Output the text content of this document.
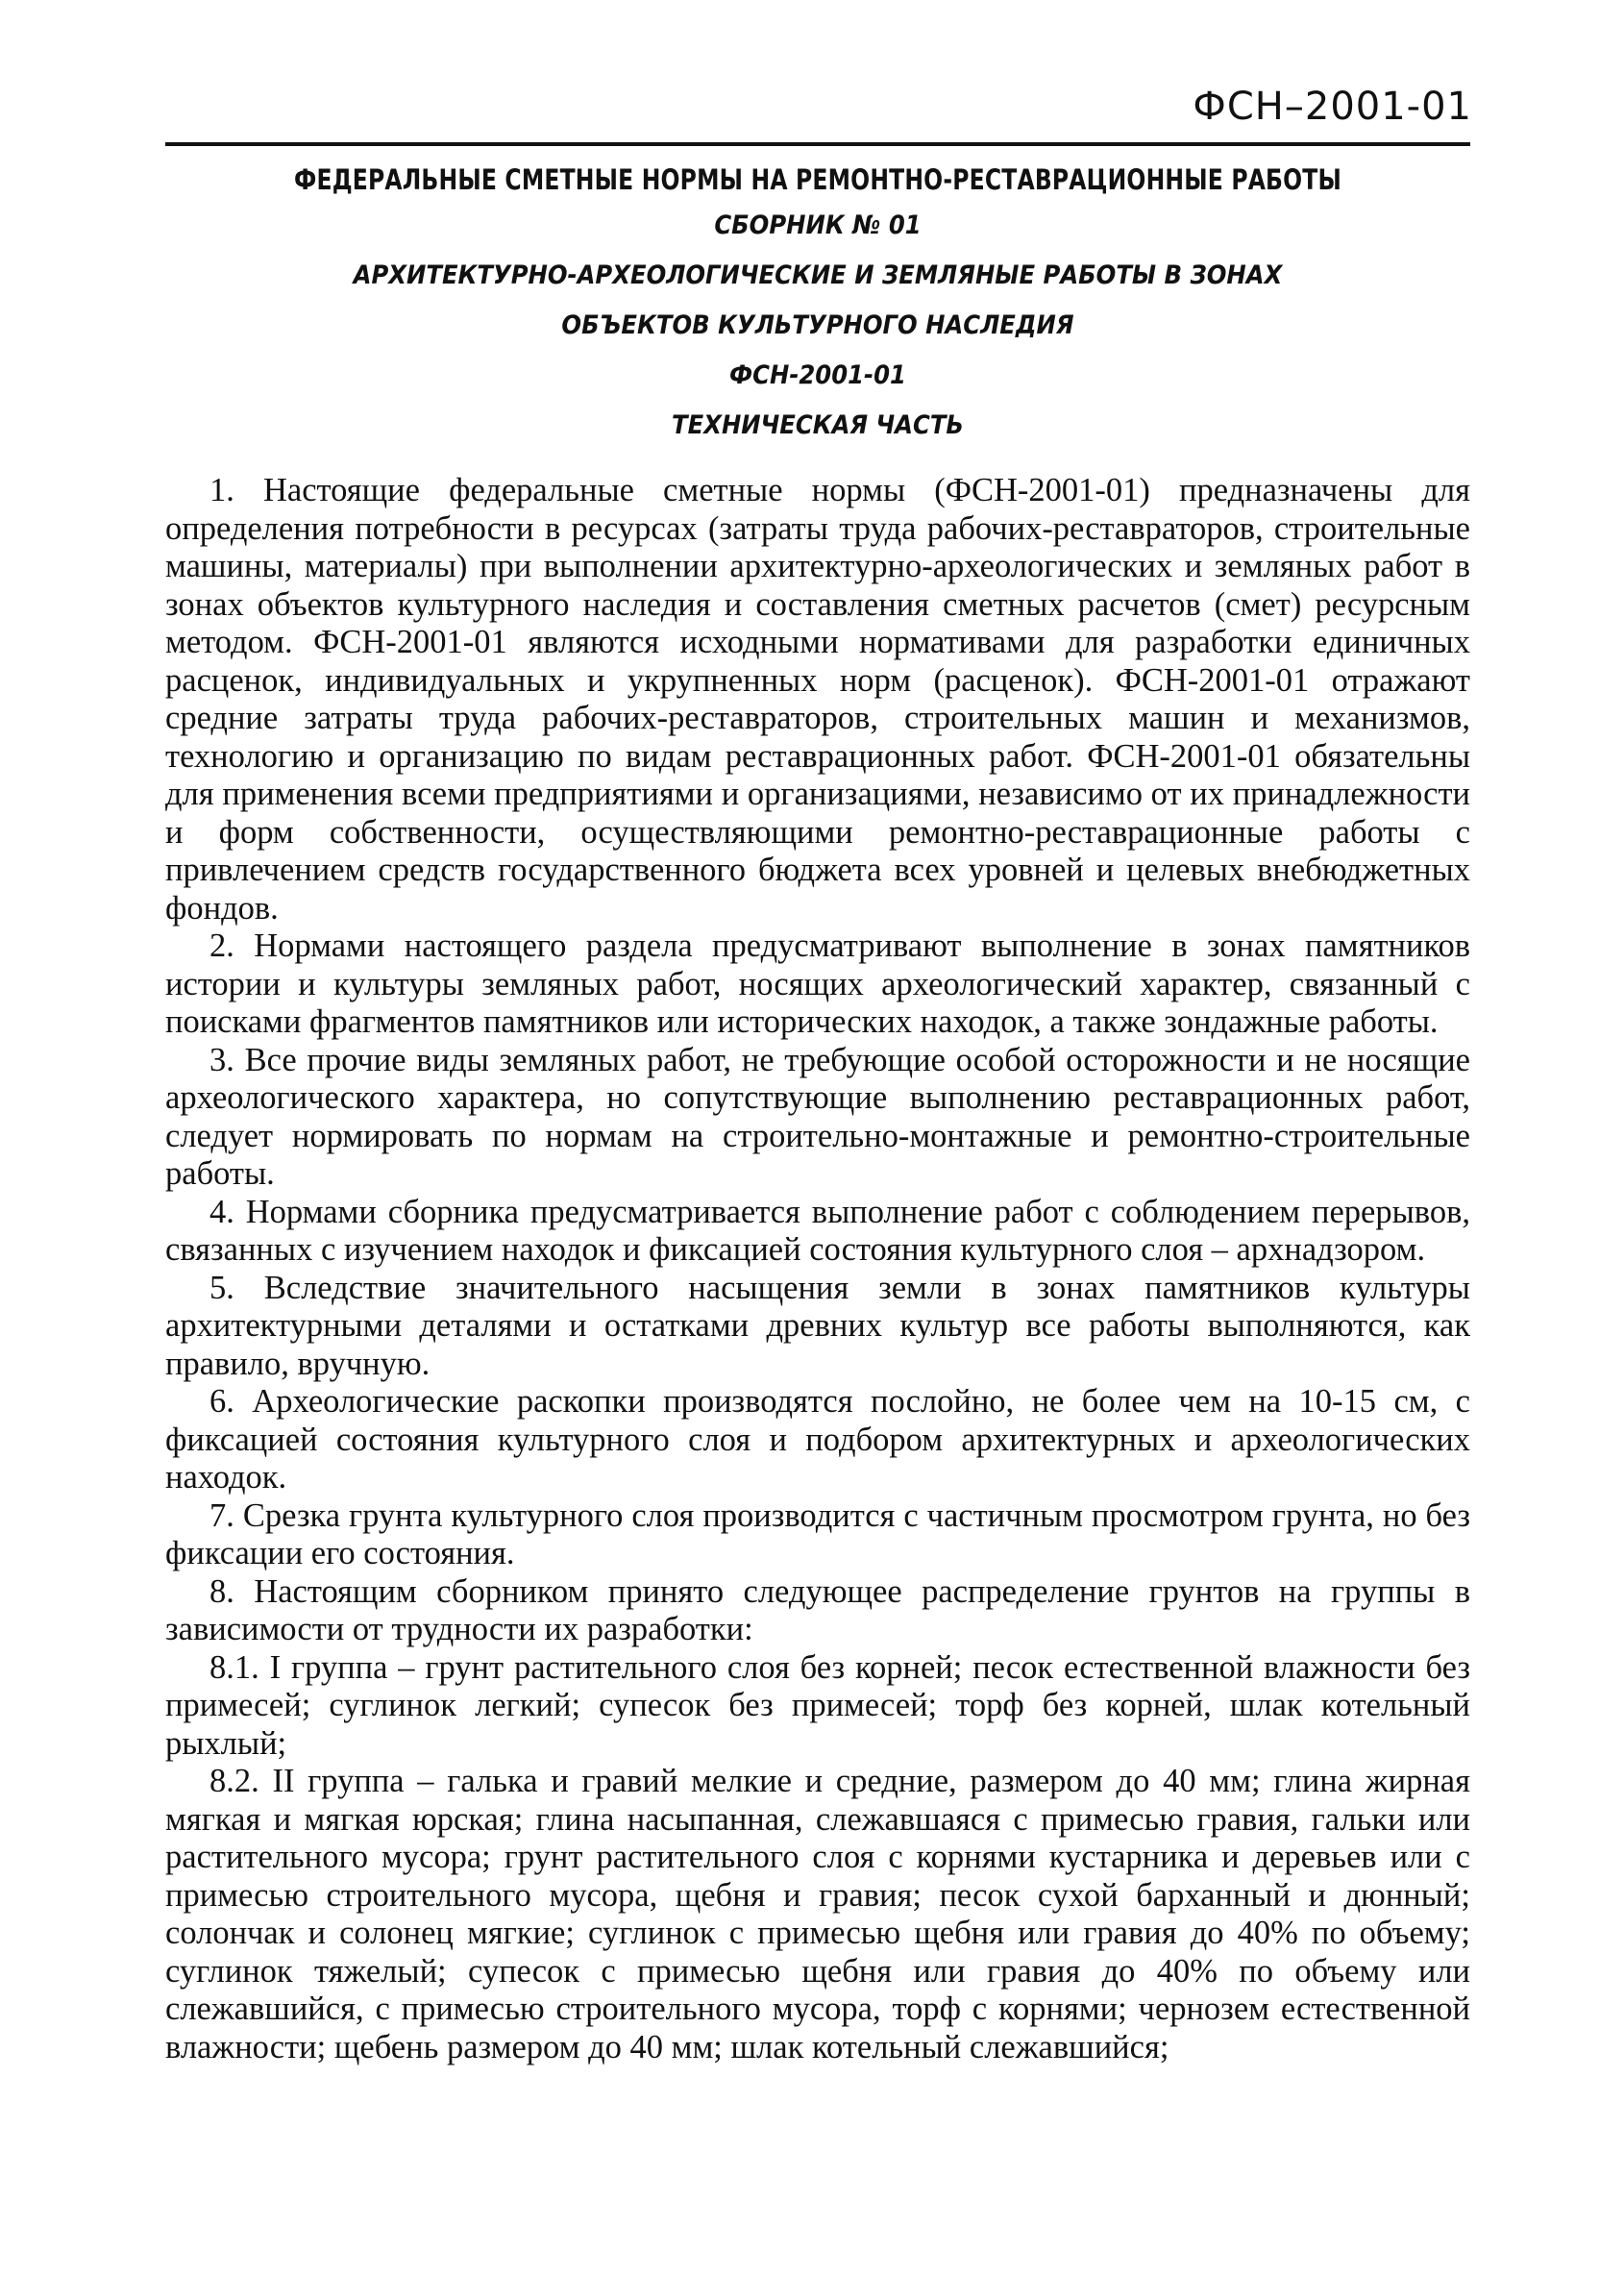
ФСН–2001-01
ФЕДЕРАЛЬНЫЕ СМЕТНЫЕ НОРМЫ НА РЕМОНТНО-РЕСТАВРАЦИОННЫЕ РАБОТЫ
СБОРНИК № 01
АРХИТЕКТУРНО-АРХЕОЛОГИЧЕСКИЕ И ЗЕМЛЯНЫЕ РАБОТЫ В ЗОНАХ
ОБЪЕКТОВ КУЛЬТУРНОГО НАСЛЕДИЯ
ФСН-2001-01
ТЕХНИЧЕСКАЯ ЧАСТЬ

1. Настоящие федеральные сметные нормы (ФСН-2001-01) предназначены для определения потребности в ресурсах (затраты труда рабочих-реставраторов, строительные машины, материалы) при выполнении архитектурно-археологических и земляных работ в зонах объектов культурного наследия и составления сметных расчетов (смет) ресурсным методом. ФСН-2001-01 являются исходными нормативами для разработки единичных расценок, индивидуальных и укрупненных норм (расценок). ФСН-2001-01 отражают средние затраты труда рабочих-реставраторов, строительных машин и механизмов, технологию и организацию по видам реставрационных работ. ФСН-2001-01 обязательны для применения всеми предприятиями и организациями, независимо от их принадлежности и форм собственности, осуществляющими ремонтно-реставрационные работы с привлечением средств государственного бюджета всех уровней и целевых внебюджетных фондов.

2. Нормами настоящего раздела предусматривают выполнение в зонах памятников истории и культуры земляных работ, носящих археологический характер, связанный с поисками фрагментов памятников или исторических находок, а также зондажные работы.

3. Все прочие виды земляных работ, не требующие особой осторожности и не носящие археологического характера, но сопутствующие выполнению реставрационных работ, следует нормировать по нормам на строительно-монтажные и ремонтно-строительные работы.

4. Нормами сборника предусматривается выполнение работ с соблюдением перерывов, связанных с изучением находок и фиксацией состояния культурного слоя – архнадзором.

5. Вследствие значительного насыщения земли в зонах памятников культуры архитектурными деталями и остатками древних культур все работы выполняются, как правило, вручную.

6. Археологические раскопки производятся послойно, не более чем на 10-15 см, с фиксацией состояния культурного слоя и подбором архитектурных и археологических находок.

7. Срезка грунта культурного слоя производится с частичным просмотром грунта, но без фиксации его состояния.

8. Настоящим сборником принято следующее распределение грунтов на группы в зависимости от трудности их разработки:

8.1. I группа – грунт растительного слоя без корней; песок естественной влажности без примесей; суглинок легкий; супесок без примесей; торф без корней, шлак котельный рыхлый;

8.2. II группа – галька и гравий мелкие и средние, размером до 40 мм; глина жирная мягкая и мягкая юрская; глина насыпанная, слежавшаяся с примесью гравия, гальки или растительного мусора; грунт растительного слоя с корнями кустарника и деревьев или с примесью строительного мусора, щебня и гравия; песок сухой барханный и дюнный; солончак и солонец мягкие; суглинок с примесью щебня или гравия до 40% по объему; суглинок тяжелый; супесок с примесью щебня или гравия до 40% по объему или слежавшийся, с примесью строительного мусора, торф с корнями; чернозем естественной влажности; щебень размером до 40 мм; шлак котельный слежавшийся;
